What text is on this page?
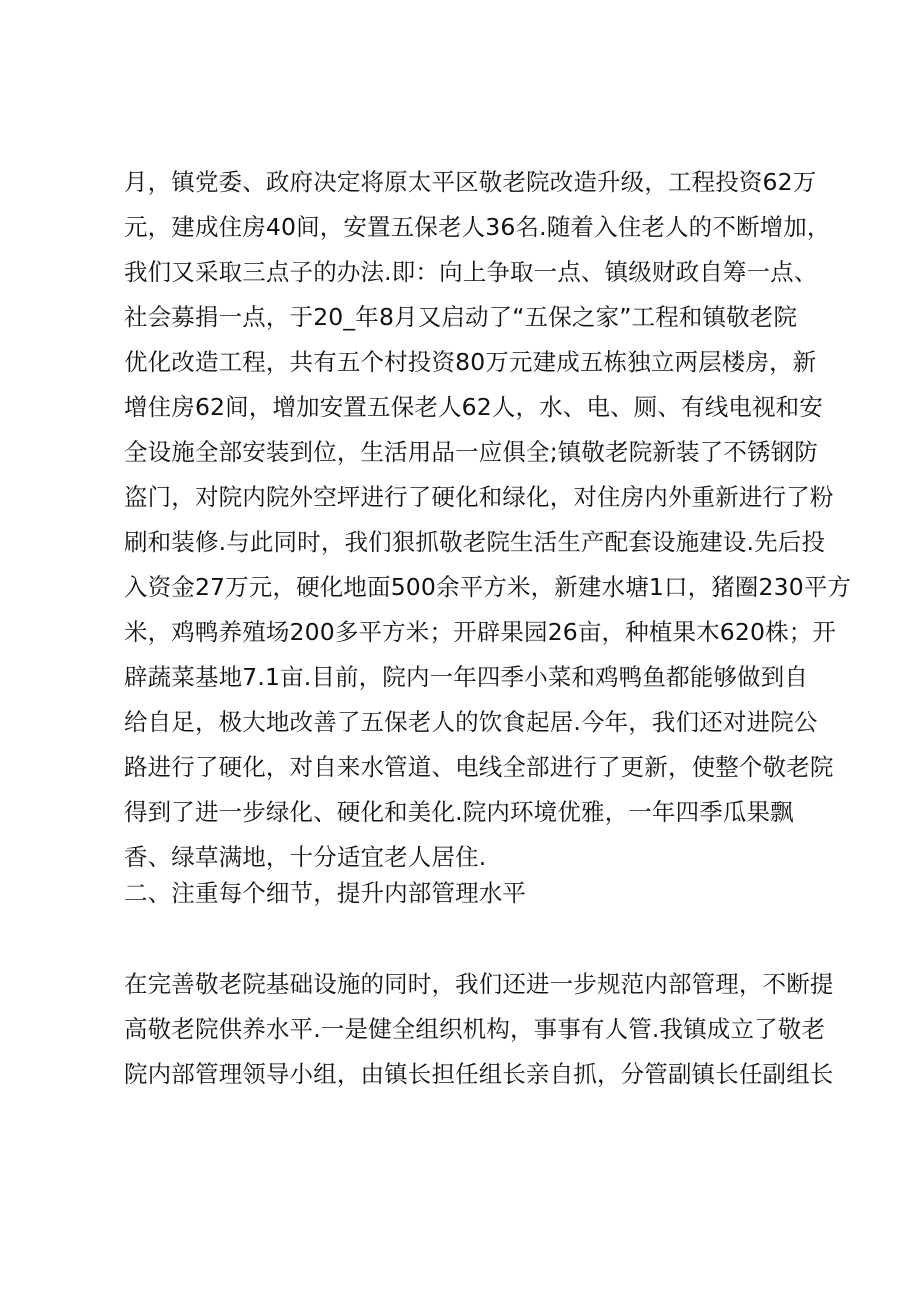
月，镇党委、政府决定将原太平区敬老院改造升级，工程投资62万

元，建成住房40间，安置五保老人36名.随着入住老人的不断增加，

我们又采取三点子的办法.即：向上争取一点、镇级财政自筹一点、

社会募捐一点，于20_年8月又启动了“五保之家”工程和镇敬老院

优化改造工程，共有五个村投资80万元建成五栋独立两层楼房，新

增住房62间，增加安置五保老人62人，水、电、厕、有线电视和安

全设施全部安装到位，生活用品一应俱全;镇敬老院新装了不锈钢防

盗门，对院内院外空坪进行了硬化和绿化，对住房内外重新进行了粉

刷和装修.与此同时，我们狠抓敬老院生活生产配套设施建设.先后投

入资金27万元，硬化地面500余平方米，新建水塘1口，猪圈230平方

米，鸡鸭养殖场200多平方米；开辟果园26亩，种植果木620株；开

辟蔬菜基地7.1亩.目前，院内一年四季小菜和鸡鸭鱼都能够做到自

给自足，极大地改善了五保老人的饮食起居.今年，我们还对进院公

路进行了硬化，对自来水管道、电线全部进行了更新，使整个敬老院

得到了进一步绿化、硬化和美化.院内环境优雅，一年四季瓜果飘

香、绿草满地，十分适宜老人居住.

二、注重每个细节，提升内部管理水平

在完善敬老院基础设施的同时，我们还进一步规范内部管理，不断提

高敬老院供养水平.一是健全组织机构，事事有人管.我镇成立了敬老

院内部管理领导小组，由镇长担任组长亲自抓，分管副镇长任副组长
